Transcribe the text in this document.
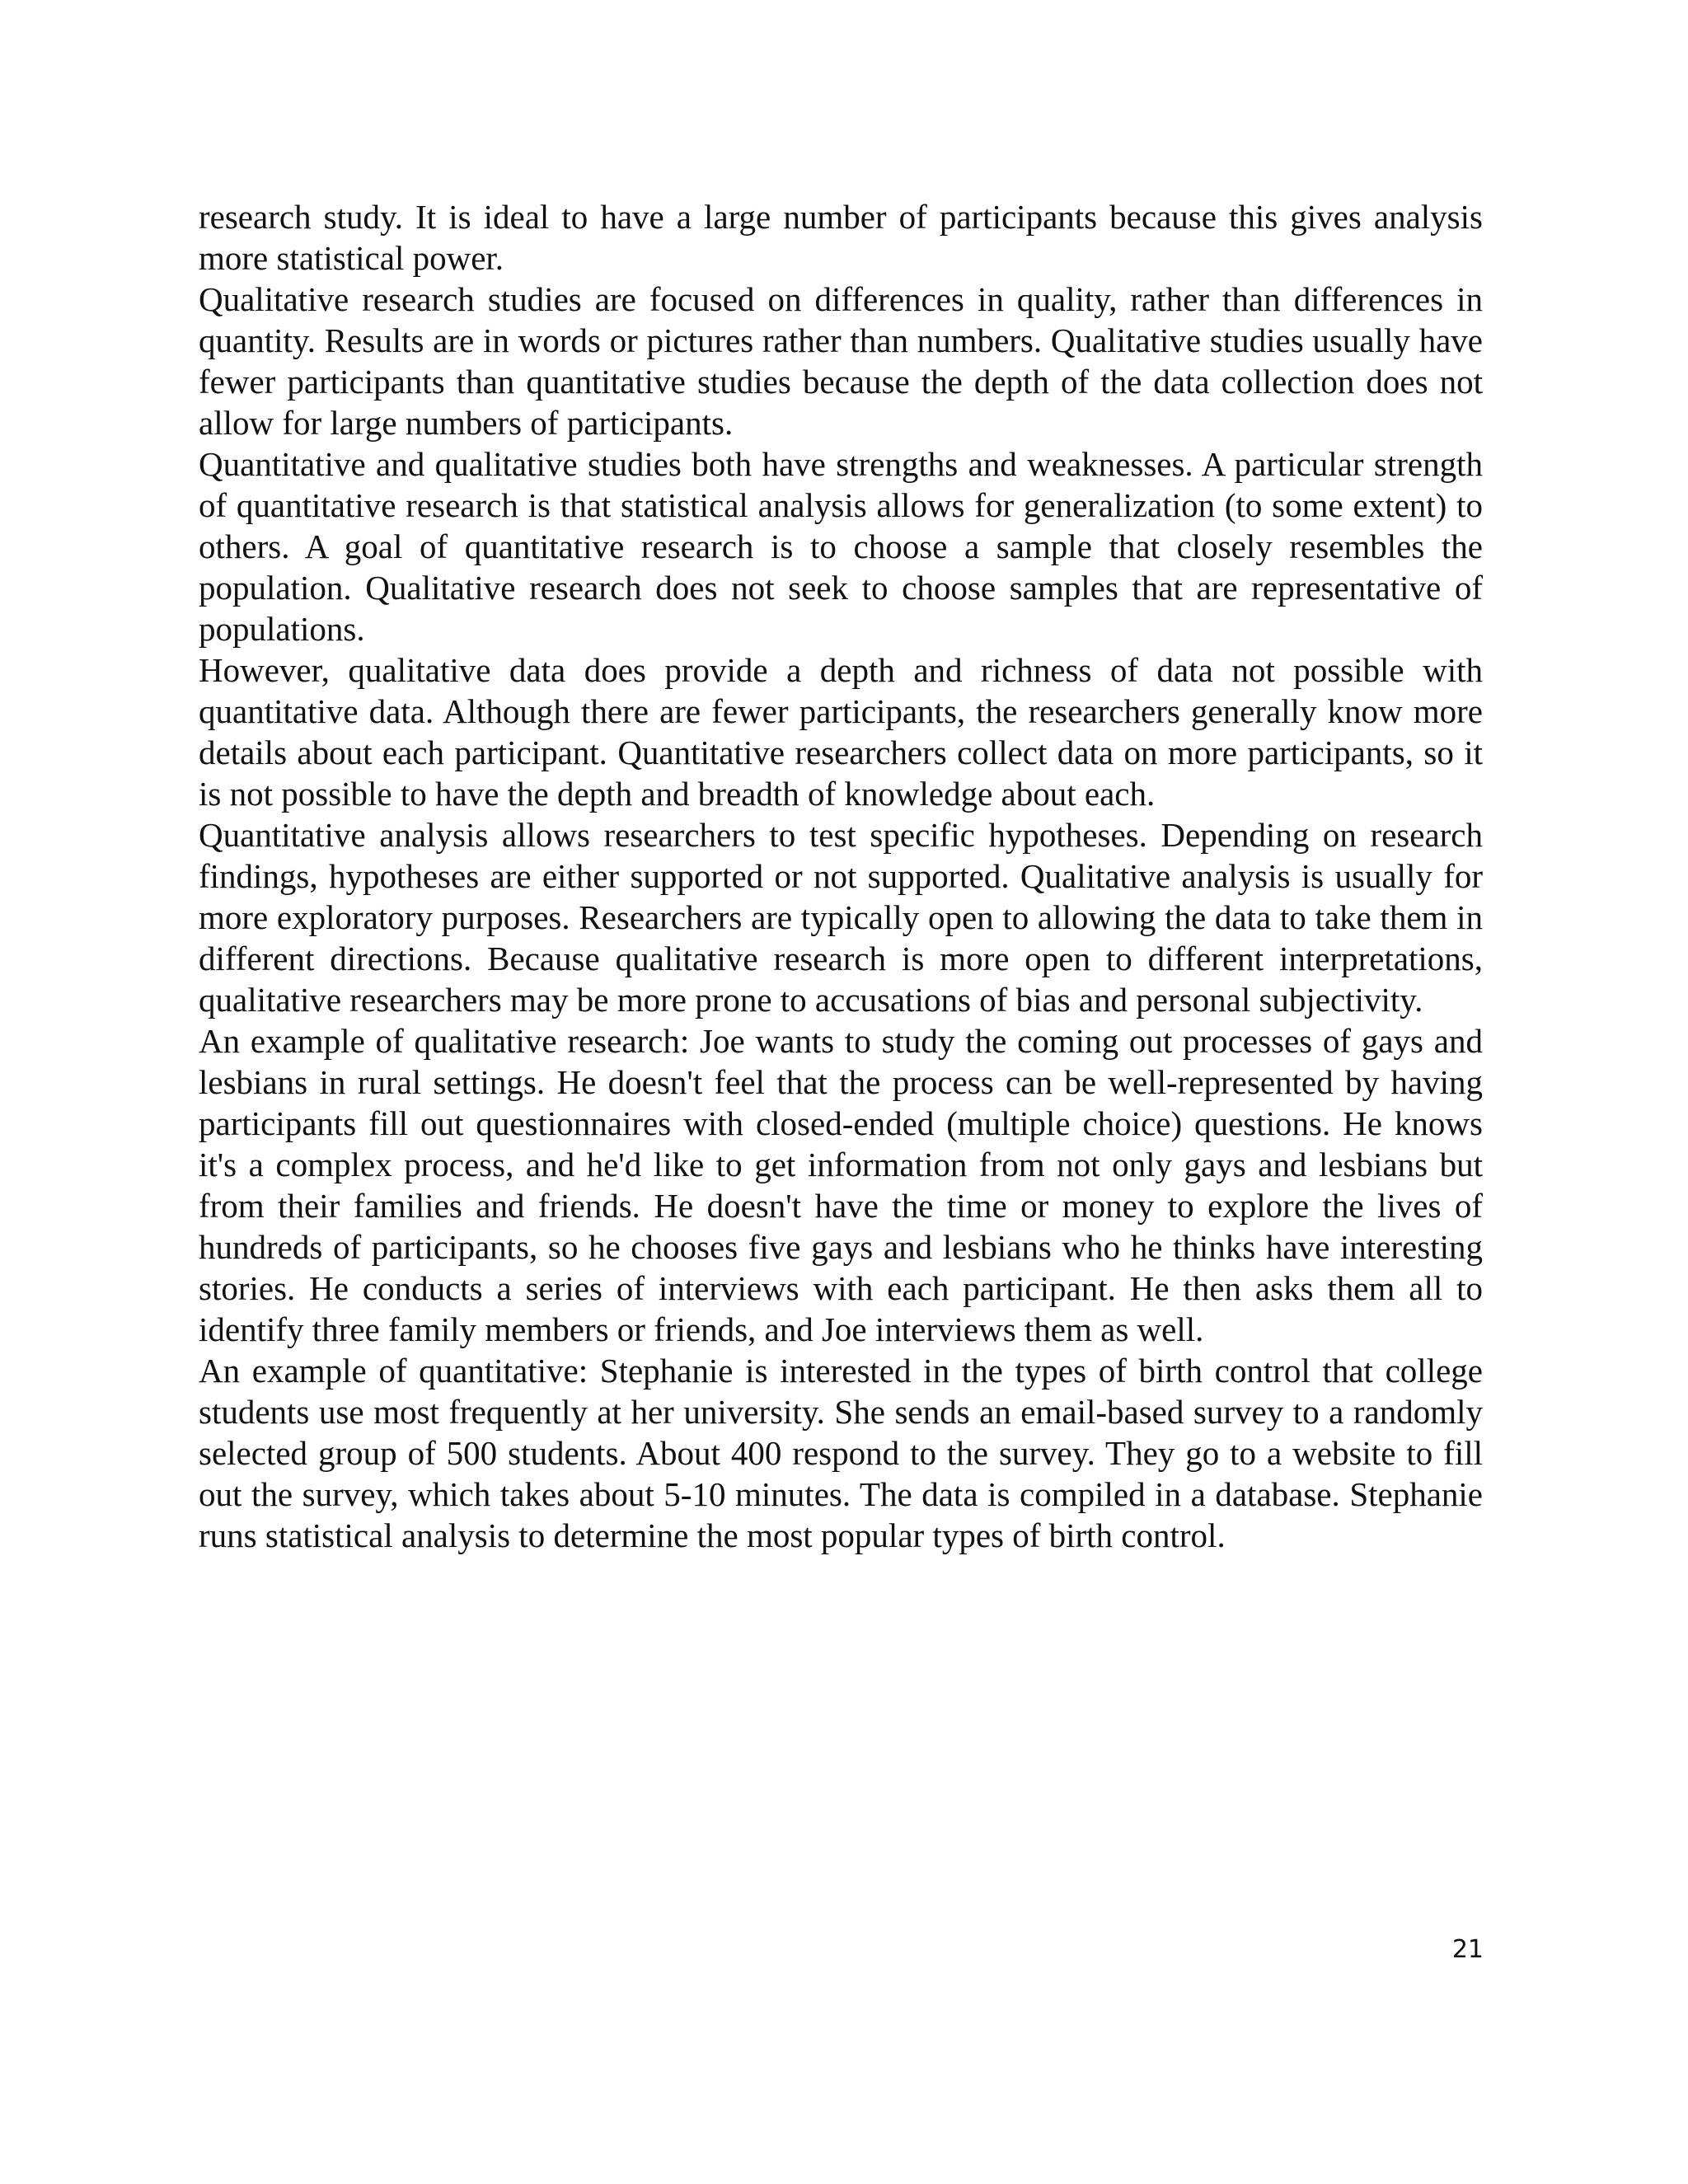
research study. It is ideal to have a large number of participants because this gives analysis more statistical power.

Qualitative research studies are focused on differences in quality, rather than differences in quantity. Results are in words or pictures rather than numbers. Qualitative studies usually have fewer participants than quantitative studies because the depth of the data collection does not allow for large numbers of participants.

Quantitative and qualitative studies both have strengths and weaknesses. A particular strength of quantitative research is that statistical analysis allows for generalization (to some extent) to others. A goal of quantitative research is to choose a sample that closely resembles the population. Qualitative research does not seek to choose samples that are representative of populations.

However, qualitative data does provide a depth and richness of data not possible with quantitative data. Although there are fewer participants, the researchers generally know more details about each participant. Quantitative researchers collect data on more participants, so it is not possible to have the depth and breadth of knowledge about each.

Quantitative analysis allows researchers to test specific hypotheses. Depending on research findings, hypotheses are either supported or not supported. Qualitative analysis is usually for more exploratory purposes. Researchers are typically open to allowing the data to take them in different directions. Because qualitative research is more open to different interpretations, qualitative researchers may be more prone to accusations of bias and personal subjectivity.

An example of qualitative research: Joe wants to study the coming out processes of gays and lesbians in rural settings. He doesn't feel that the process can be well-represented by having participants fill out questionnaires with closed-ended (multiple choice) questions. He knows it's a complex process, and he'd like to get information from not only gays and lesbians but from their families and friends. He doesn't have the time or money to explore the lives of hundreds of participants, so he chooses five gays and lesbians who he thinks have interesting stories. He conducts a series of interviews with each participant. He then asks them all to identify three family members or friends, and Joe interviews them as well.

An example of quantitative: Stephanie is interested in the types of birth control that college students use most frequently at her university. She sends an email-based survey to a randomly selected group of 500 students. About 400 respond to the survey. They go to a website to fill out the survey, which takes about 5-10 minutes. The data is compiled in a database. Stephanie runs statistical analysis to determine the most popular types of birth control.

21
